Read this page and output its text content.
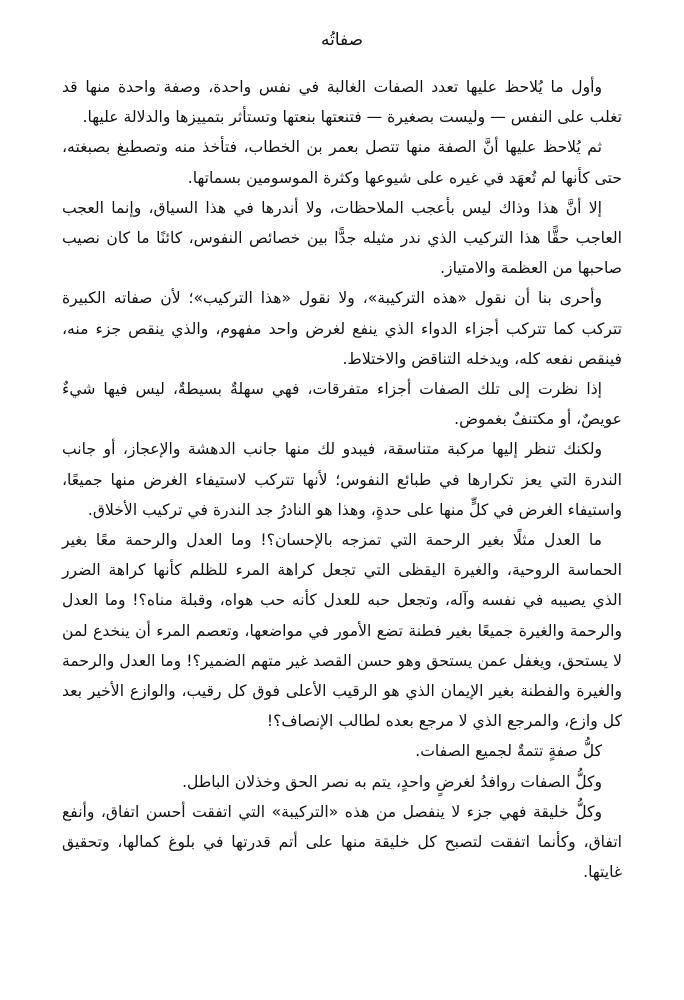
صفاتُه

وأول ما يُلاحظ عليها تعدد الصفات الغالبة في نفس واحدة، وصفة واحدة منها قد تغلب على النفس — وليست بصغيرة — فتنعتها بنعتها وتستأثر بتمييزها والدلالة عليها.

ثم يُلاحظ عليها أنَّ الصفة منها تتصل بعمر بن الخطاب، فتأخذ منه وتصطبغ بصبغته، حتى كأنها لم تُعهَد في غيره على شيوعها وكثرة الموسومين بسماتها.

إلا أنَّ هذا وذاك ليس بأعجب الملاحظات، ولا أندرها في هذا السياق، وإنما العجب العاجب حقًّا هذا التركيب الذي ندر مثيله جدًّا بين خصائص النفوس، كائنًا ما كان نصيب صاحبها من العظمة والامتياز.

وأحرى بنا أن نقول «هذه التركيبة»، ولا نقول «هذا التركيب»؛ لأن صفاته الكبيرة تتركب كما تتركب أجزاء الدواء الذي ينفع لغرض واحد مفهوم، والذي ينقص جزء منه، فينقص نفعه كله، ويدخله التناقض والاختلاط.

إذا نظرت إلى تلك الصفات أجزاء متفرقات، فهي سهلةٌ بسيطةٌ، ليس فيها شيءٌ عويصٌ، أو مكتنفٌ بغموض.

ولكنك تنظر إليها مركبة متناسقة، فيبدو لك منها جانب الدهشة والإعجاز، أو جانب الندرة التي يعز تكرارها في طبائع النفوس؛ لأنها تتركب لاستيفاء الغرض منها جميعًا، واستيفاء الغرض في كلٍّ منها على حدةٍ، وهذا هو النادرُ جد الندرة في تركيب الأخلاق.

ما العدل مثلًا بغير الرحمة التي تمزجه بالإحسان؟! وما العدل والرحمة معًا بغير الحماسة الروحية، والغيرة اليقظى التي تجعل كراهة المرء للظلم كأنها كراهة الضرر الذي يصيبه في نفسه وآله، وتجعل حبه للعدل كأنه حب هواه، وقبلة مناه؟! وما العدل والرحمة والغيرة جميعًا بغير فطنة تضع الأمور في مواضعها، وتعصم المرء أن ينخدع لمن لا يستحق، ويغفل عمن يستحق وهو حسن القصد غير متهم الضمير؟! وما العدل والرحمة والغيرة والفطنة بغير الإيمان الذي هو الرقيب الأعلى فوق كل رقيب، والوازع الأخير بعد كل وازع، والمرجع الذي لا مرجع بعده لطالب الإنصاف؟!

كلُّ صفةٍ تتمةٌ لجميع الصفات.

وكلُّ الصفات روافدُ لغرضٍ واحدٍ، يتم به نصر الحق وخذلان الباطل.

وكلُّ خليقة فهي جزء لا ينفصل من هذه «التركيبة» التي اتفقت أحسن اتفاق، وأنفع اتفاق، وكأنما اتفقت لتصبح كل خليقة منها على أتم قدرتها في بلوغ كمالها، وتحقيق غايتها.
